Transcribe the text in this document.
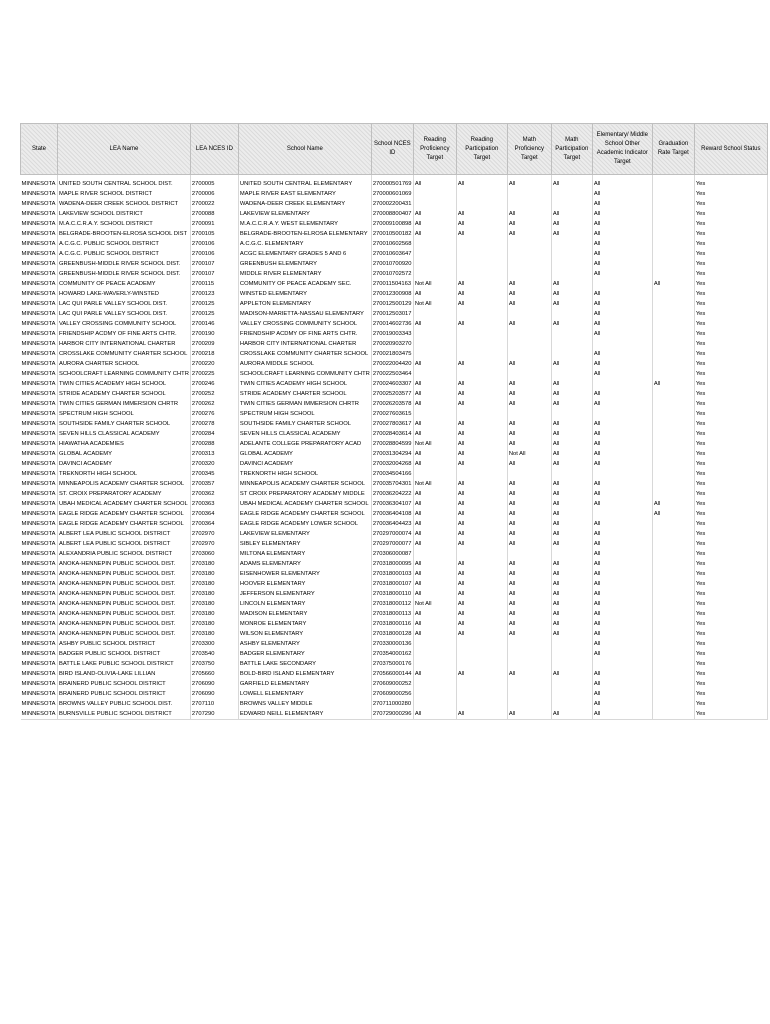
State	LEA Name	LEA NCES ID	School Name	School NCES ID	Reading Proficiency Target	Reading Participation Target	Math Proficiency Target	Math Participation Target	Elementary/ Middle School Other Academic Indicator Target	Graduation Rate Target	Reward School Status
MINNESOTA	UNITED SOUTH CENTRAL SCHOOL DIST.	2700005	UNITED SOUTH CENTRAL ELEMENTARY	270000501769	All	All	All	All	All		Yes
MINNESOTA	MAPLE RIVER SCHOOL DISTRICT	2700006	MAPLE RIVER EAST ELEMENTARY	270000601069					All		Yes
MINNESOTA	WADENA-DEER CREEK SCHOOL DISTRICT	2700022	WADENA-DEER CREEK ELEMENTARY	270002200431					All		Yes
MINNESOTA	LAKEVIEW SCHOOL DISTRICT	2700088	LAKEVIEW ELEMENTARY	270008800407	All	All	All	All	All		Yes
MINNESOTA	M.A.C.C.R.A.Y. SCHOOL DISTRICT	2700091	M.A.C.C.R.A.Y. WEST ELEMENTARY	270009100898	All	All	All	All	All		Yes
MINNESOTA	BELGRADE-BROOTEN-ELROSA SCHOOL DIST	2700105	BELGRADE-BROOTEN-ELROSA ELEMENTARY	270010500182	All	All	All	All	All		Yes
MINNESOTA	A.C.G.C. PUBLIC SCHOOL DISTRICT	2700106	A.C.G.C. ELEMENTARY	270010602568					All		Yes
MINNESOTA	A.C.G.C. PUBLIC SCHOOL DISTRICT	2700106	ACGC ELEMENTARY GRADES 5 AND 6	270010603647					All		Yes
MINNESOTA	GREENBUSH-MIDDLE RIVER SCHOOL DIST.	2700107	GREENBUSH ELEMENTARY	270010700920					All		Yes
MINNESOTA	GREENBUSH-MIDDLE RIVER SCHOOL DIST.	2700107	MIDDLE RIVER ELEMENTARY	270010702572					All		Yes
MINNESOTA	COMMUNITY OF PEACE ACADEMY	2700115	COMMUNITY OF PEACE ACADEMY SEC.	270011504163	Not All	All	All	All		All	Yes
MINNESOTA	HOWARD LAKE-WAVERLY-WINSTED	2700123	WINSTED ELEMENTARY	270012300908	All	All	All	All	All		Yes
MINNESOTA	LAC QUI PARLE VALLEY SCHOOL DIST.	2700125	APPLETON ELEMENTARY	270012500129	Not All	All	All	All	All		Yes
MINNESOTA	LAC QUI PARLE VALLEY SCHOOL DIST.	2700125	MADISON-MARIETTA-NASSAU ELEMENTARY	270012503017					All		Yes
MINNESOTA	VALLEY CROSSING COMMUNITY SCHOOL	2700146	VALLEY CROSSING COMMUNITY SCHOOL	270014602736	All	All	All	All	All		Yes
MINNESOTA	FRIENDSHIP ACDMY OF FINE ARTS CHTR.	2700190	FRIENDSHIP ACDMY OF FINE ARTS CHTR.	270019003343					All		Yes
MINNESOTA	HARBOR CITY INTERNATIONAL CHARTER	2700209	HARBOR CITY INTERNATIONAL CHARTER	270020903270							Yes
MINNESOTA	CROSSLAKE COMMUNITY CHARTER SCHOOL	2700218	CROSSLAKE COMMUNITY CHARTER SCHOOL	270021803475					All		Yes
MINNESOTA	AURORA CHARTER SCHOOL	2700220	AURORA MIDDLE SCHOOL	270022004420	All	All	All	All	All		Yes
MINNESOTA	SCHOOLCRAFT LEARNING COMMUNITY CHTR	2700225	SCHOOLCRAFT LEARNING COMMUNITY CHTR	270022503464					All		Yes
MINNESOTA	TWIN CITIES ACADEMY HIGH SCHOOL	2700246	TWIN CITIES ACADEMY HIGH SCHOOL	270024603307	All	All	All	All		All	Yes
MINNESOTA	STRIDE ACADEMY CHARTER SCHOOL	2700252	STRIDE ACADEMY CHARTER SCHOOL	270025203577	All	All	All	All	All		Yes
MINNESOTA	TWIN CITIES GERMAN IMMERSION CHRTR	2700262	TWIN CITIES GERMAN IMMERSION CHRTR	270026203578	All	All	All	All	All		Yes
MINNESOTA	SPECTRUM HIGH SCHOOL	2700276	SPECTRUM HIGH SCHOOL	270027603615							Yes
MINNESOTA	SOUTHSIDE FAMILY CHARTER SCHOOL	2700278	SOUTHSIDE FAMILY CHARTER SCHOOL	270027803617	All	All	All	All	All		Yes
MINNESOTA	SEVEN HILLS CLASSICAL ACADEMY	2700284	SEVEN HILLS CLASSICAL ACADEMY	270028403614	All	All	All	All	All		Yes
MINNESOTA	HIAWATHA ACADEMIES	2700288	ADELANTE COLLEGE PREPARATORY ACAD	270028804599	Not All	All	All	All	All		Yes
MINNESOTA	GLOBAL ACADEMY	2700313	GLOBAL ACADEMY	270031304294	All	All	Not All	All	All		Yes
MINNESOTA	DAVINCI ACADEMY	2700320	DAVINCI ACADEMY	270032004268	All	All	All	All	All		Yes
MINNESOTA	TREKNORTH HIGH SCHOOL	2700345	TREKNORTH HIGH SCHOOL	270034504166							Yes
MINNESOTA	MINNEAPOLIS ACADEMY CHARTER SCHOOL	2700357	MINNEAPOLIS ACADEMY CHARTER SCHOOL	270035704301	Not All	All	All	All	All		Yes
MINNESOTA	ST. CROIX PREPARATORY ACADEMY	2700362	ST CROIX PREPARATORY ACADEMY MIDDLE	270036204222	All	All	All	All	All		Yes
MINNESOTA	UBAH MEDICAL ACADEMY CHARTER SCHOOL	2700363	UBAH MEDICAL ACADEMY CHARTER SCHOOL	270036304107	All	All	All	All	All	All	Yes
MINNESOTA	EAGLE RIDGE ACADEMY CHARTER SCHOOL	2700364	EAGLE RIDGE ACADEMY CHARTER SCHOOL	270036404108	All	All	All	All		All	Yes
MINNESOTA	EAGLE RIDGE ACADEMY CHARTER SCHOOL	2700364	EAGLE RIDGE ACADEMY LOWER SCHOOL	270036404423	All	All	All	All	All		Yes
MINNESOTA	ALBERT LEA PUBLIC SCHOOL DISTRICT	2702970	LAKEVIEW ELEMENTARY	270297000074	All	All	All	All	All		Yes
MINNESOTA	ALBERT LEA PUBLIC SCHOOL DISTRICT	2702970	SIBLEY ELEMENTARY	270297000077	All	All	All	All	All		Yes
MINNESOTA	ALEXANDRIA PUBLIC SCHOOL DISTRICT	2703060	MILTONA ELEMENTARY	270306000087					All		Yes
MINNESOTA	ANOKA-HENNEPIN PUBLIC SCHOOL DIST.	2703180	ADAMS ELEMENTARY	270318000095	All	All	All	All	All		Yes
MINNESOTA	ANOKA-HENNEPIN PUBLIC SCHOOL DIST.	2703180	EISENHOWER ELEMENTARY	270318000103	All	All	All	All	All		Yes
MINNESOTA	ANOKA-HENNEPIN PUBLIC SCHOOL DIST.	2703180	HOOVER ELEMENTARY	270318000107	All	All	All	All	All		Yes
MINNESOTA	ANOKA-HENNEPIN PUBLIC SCHOOL DIST.	2703180	JEFFERSON ELEMENTARY	270318000110	All	All	All	All	All		Yes
MINNESOTA	ANOKA-HENNEPIN PUBLIC SCHOOL DIST.	2703180	LINCOLN ELEMENTARY	270318000112	Not All	All	All	All	All		Yes
MINNESOTA	ANOKA-HENNEPIN PUBLIC SCHOOL DIST.	2703180	MADISON ELEMENTARY	270318000113	All	All	All	All	All		Yes
MINNESOTA	ANOKA-HENNEPIN PUBLIC SCHOOL DIST.	2703180	MONROE ELEMENTARY	270318000116	All	All	All	All	All		Yes
MINNESOTA	ANOKA-HENNEPIN PUBLIC SCHOOL DIST.	2703180	WILSON ELEMENTARY	270318000128	All	All	All	All	All		Yes
MINNESOTA	ASHBY PUBLIC SCHOOL DISTRICT	2703300	ASHBY ELEMENTARY	270330000136					All		Yes
MINNESOTA	BADGER PUBLIC SCHOOL DISTRICT	2703540	BADGER ELEMENTARY	270354000162					All		Yes
MINNESOTA	BATTLE LAKE PUBLIC SCHOOL DISTRICT	2703750	BATTLE LAKE SECONDARY	270375000176							Yes
MINNESOTA	BIRD ISLAND-OLIVIA-LAKE LILLIAN	2705660	BOLD-BIRD ISLAND ELEMENTARY	270566000144	All	All	All	All	All		Yes
MINNESOTA	BRAINERD PUBLIC SCHOOL DISTRICT	2706090	GARFIELD ELEMENTARY	270609000252					All		Yes
MINNESOTA	BRAINERD PUBLIC SCHOOL DISTRICT	2706090	LOWELL ELEMENTARY	270609000256					All		Yes
MINNESOTA	BROWNS VALLEY PUBLIC SCHOOL DIST.	2707110	BROWNS VALLEY MIDDLE	270711000280					All		Yes
MINNESOTA	BURNSVILLE PUBLIC SCHOOL DISTRICT	2707290	EDWARD NEILL ELEMENTARY	270729000296	All	All	All	All	All		Yes
